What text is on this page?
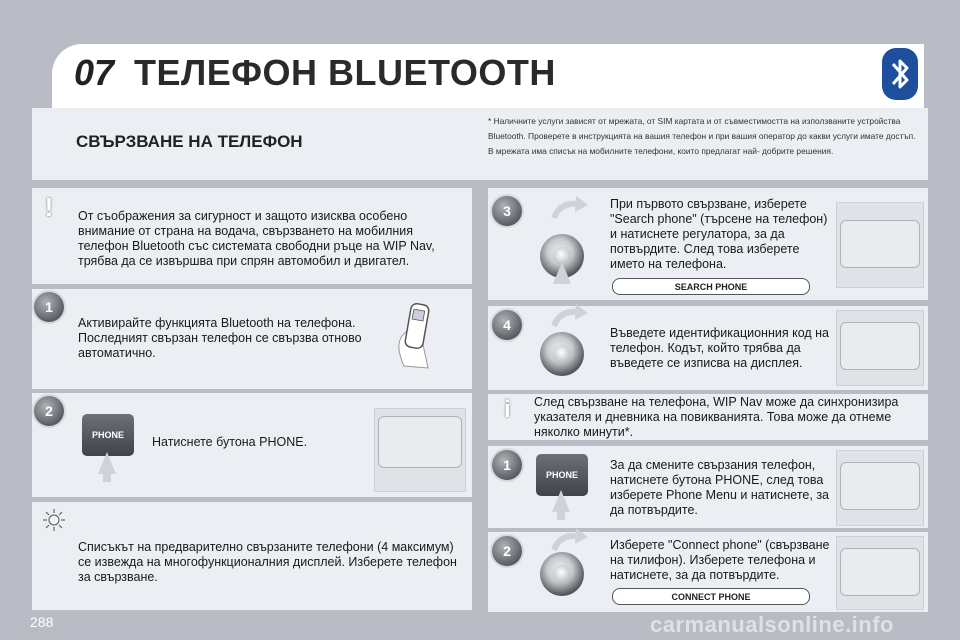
07 ТЕЛЕФОН BLUETOOTH
СВЪРЗВАНЕ НА ТЕЛЕФОН
* Наличните услуги зависят от мрежата, от SIM картата и от съвместимостта на използваните устройства Bluetooth. Проверете в инструкцията на вашия телефон и при вашия оператор до какви услуги имате достъп. В мрежата има списък на мобилните телефони, които предлагат най- добрите решения.
!	От съображения за сигурност и защото изисква особено внимание от страна на водача, свързването на мобилния телефон Bluetooth със системата свободни ръце на WIP Nav, трябва да се извършва при спрян автомобил и двигател.
1
Активирайте функцията Bluetooth на телефона. Последният свързан телефон се свързва отново автоматично.
2
PHONE	Натиснете бутона PHONE.
Списъкът на предварително свързаните телефони (4 максимум) се извежда на многофункционалния дисплей. Изберете телефон за свързване.
3	При първото свързване, изберете "Search phone" (търсене на телефон) и натиснете регулатора, за да потвърдите. След това изберете името на телефона.
SEARCH PHONE
4	Въведете идентификационния код на телефон. Кодът, който трябва да въведете се изписва на дисплея.
i След свързване на телефона, WIP Nav може да синхронизира указателя и дневника на повикванията. Това може да отнеме няколко минути*.
1
PHONE
За да смените свързания телефон, натиснете бутона PHONE, след това изберете Phone Menu и натиснете, за да потвърдите.
2	Изберете "Connect phone" (свързване на тилифон). Изберете телефона и натиснете, за да потвърдите.
CONNECT PHONE
288	carmanualsonline.info
